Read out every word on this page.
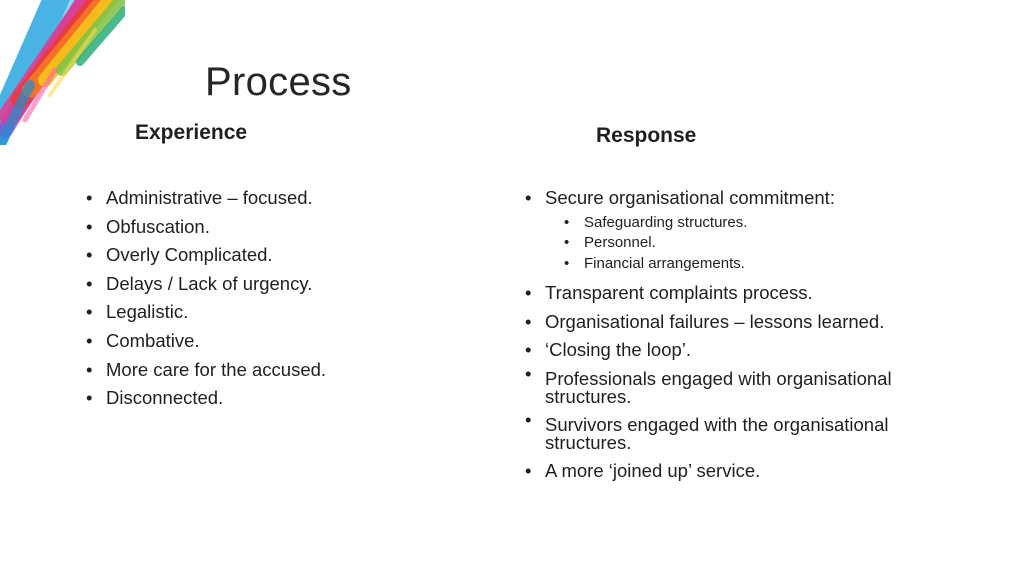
Process
Experience	Response
• Administrative – focused.
• Obfuscation.
• Overly Complicated.
• Delays / Lack of urgency.
• Legalistic.
• Combative.
• More care for the accused.
• Disconnected.
• Secure organisational commitment:
• Safeguarding structures.
• Personnel.
• Financial arrangements.
• Transparent complaints process.
• Organisational failures – lessons learned.
• ‘Closing the loop’.
• Professionals engaged with organisational structures.
• Survivors engaged with the organisational structures.
• A more ‘joined up’ service.
